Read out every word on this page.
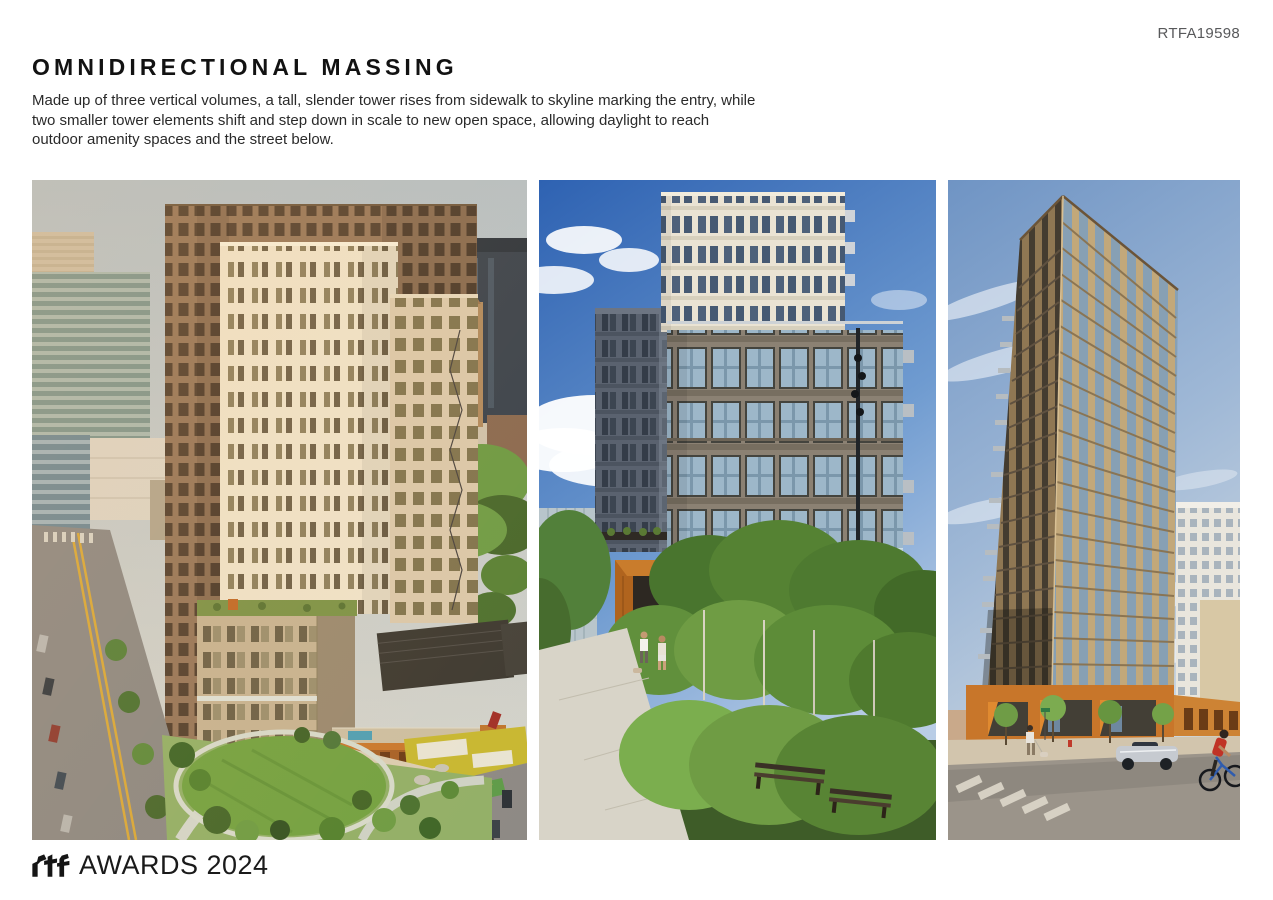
RTFA19598
OMNIDIRECTIONAL MASSING

Made up of three vertical volumes, a tall, slender tower rises from sidewalk to skyline marking the entry, while two smaller tower elements shift and step down in scale to new open space, allowing daylight to reach outdoor amenity spaces and the street below.

AWARDS 2024
